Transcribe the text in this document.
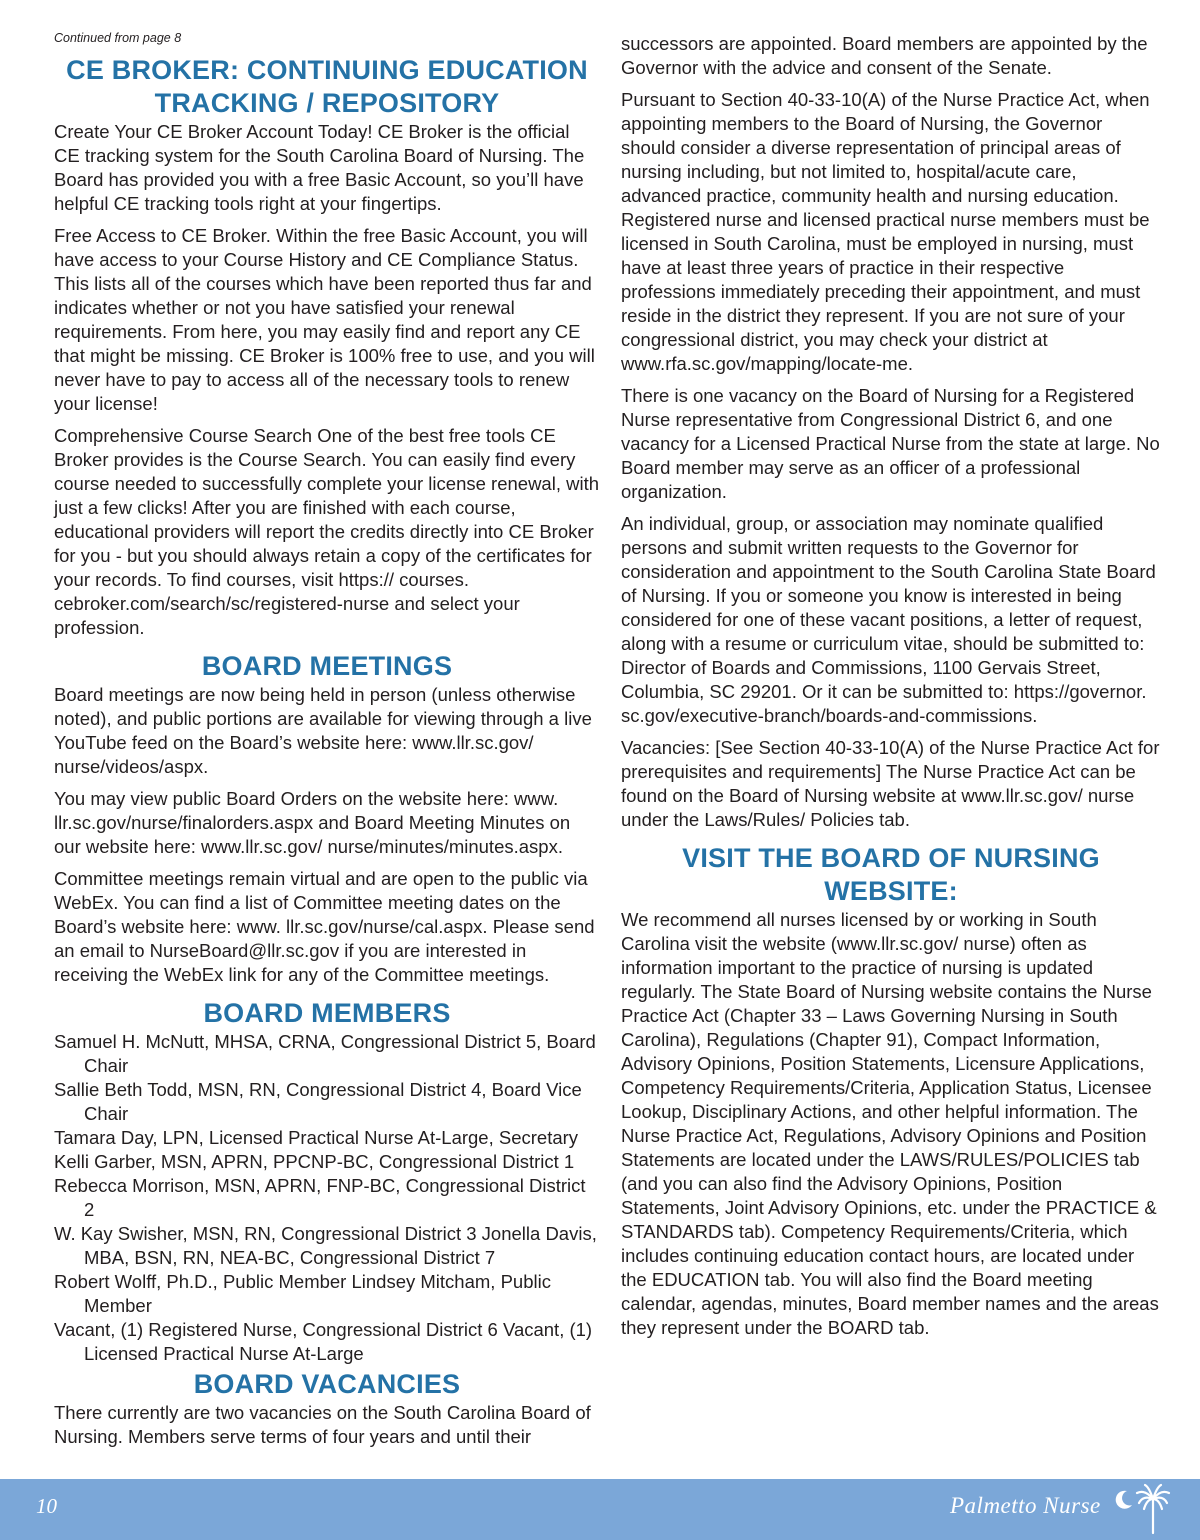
Continued from page 8

CE BROKER: CONTINUING EDUCATION TRACKING / REPOSITORY

Create Your CE Broker Account Today! CE Broker is the official CE tracking system for the South Carolina Board of Nursing. The Board has provided you with a free Basic Account, so you’ll have helpful CE tracking tools right at your fingertips.

Free Access to CE Broker. Within the free Basic Account, you will have access to your Course History and CE Compliance Status. This lists all of the courses which have been reported thus far and indicates whether or not you have satisfied your renewal requirements. From here, you may easily find and report any CE that might be missing. CE Broker is 100% free to use, and you will never have to pay to access all of the necessary tools to renew your license!

Comprehensive Course Search One of the best free tools CE Broker provides is the Course Search. You can easily find every course needed to successfully complete your license renewal, with just a few clicks! After you are finished with each course, educational providers will report the credits directly into CE Broker for you - but you should always retain a copy of the certificates for your records. To find courses, visit https:// courses. cebroker.com/search/sc/registered-nurse and select your profession.

BOARD MEETINGS

Board meetings are now being held in person (unless otherwise noted), and public portions are available for viewing through a live YouTube feed on the Board’s website here: www.llr.sc.gov/ nurse/videos/aspx.

You may view public Board Orders on the website here: www. llr.sc.gov/nurse/finalorders.aspx and Board Meeting Minutes on our website here: www.llr.sc.gov/ nurse/minutes/minutes.aspx.

Committee meetings remain virtual and are open to the public via WebEx. You can find a list of Committee meeting dates on the Board’s website here: www. llr.sc.gov/nurse/cal.aspx. Please send an email to NurseBoard@llr.sc.gov if you are interested in receiving the WebEx link for any of the Committee meetings.

BOARD MEMBERS
Samuel H. McNutt, MHSA, CRNA, Congressional District 5, Board Chair
Sallie Beth Todd, MSN, RN, Congressional District 4, Board Vice Chair
Tamara Day, LPN, Licensed Practical Nurse At-Large, Secretary
Kelli Garber, MSN, APRN, PPCNP-BC, Congressional District 1
Rebecca Morrison, MSN, APRN, FNP-BC, Congressional District 2
W. Kay Swisher, MSN, RN, Congressional District 3 Jonella Davis, MBA, BSN, RN, NEA-BC, Congressional District 7
Robert Wolff, Ph.D., Public Member Lindsey Mitcham, Public Member
Vacant, (1) Registered Nurse, Congressional District 6 Vacant, (1) Licensed Practical Nurse At-Large
BOARD VACANCIES

There currently are two vacancies on the South Carolina Board of Nursing. Members serve terms of four years and until their

successors are appointed. Board members are appointed by the Governor with the advice and consent of the Senate.

Pursuant to Section 40-33-10(A) of the Nurse Practice Act, when appointing members to the Board of Nursing, the Governor should consider a diverse representation of principal areas of nursing including, but not limited to, hospital/acute care, advanced practice, community health and nursing education. Registered nurse and licensed practical nurse members must be licensed in South Carolina, must be employed in nursing, must have at least three years of practice in their respective professions immediately preceding their appointment, and must reside in the district they represent. If you are not sure of your congressional district, you may check your district at www.rfa.sc.gov/mapping/locate-me.

There is one vacancy on the Board of Nursing for a Registered Nurse representative from Congressional District 6, and one vacancy for a Licensed Practical Nurse from the state at large. No Board member may serve as an officer of a professional organization.

An individual, group, or association may nominate qualified persons and submit written requests to the Governor for consideration and appointment to the South Carolina State Board of Nursing. If you or someone you know is interested in being considered for one of these vacant positions, a letter of request, along with a resume or curriculum vitae, should be submitted to: Director of Boards and Commissions, 1100 Gervais Street, Columbia, SC 29201. Or it can be submitted to: https://governor. sc.gov/executive-branch/boards-and-commissions.

Vacancies: [See Section 40-33-10(A) of the Nurse Practice Act for prerequisites and requirements] The Nurse Practice Act can be found on the Board of Nursing website at www.llr.sc.gov/ nurse under the Laws/Rules/ Policies tab.

VISIT THE BOARD OF NURSING WEBSITE:

We recommend all nurses licensed by or working in South Carolina visit the website (www.llr.sc.gov/ nurse) often as information important to the practice of nursing is updated regularly. The State Board of Nursing website contains the Nurse Practice Act (Chapter 33 – Laws Governing Nursing in South Carolina), Regulations (Chapter 91), Compact Information, Advisory Opinions, Position Statements, Licensure Applications, Competency Requirements/Criteria, Application Status, Licensee Lookup, Disciplinary Actions, and other helpful information. The Nurse Practice Act, Regulations, Advisory Opinions and Position Statements are located under the LAWS/RULES/POLICIES tab (and you can also find the Advisory Opinions, Position Statements, Joint Advisory Opinions, etc. under the PRACTICE & STANDARDS tab). Competency Requirements/Criteria, which includes continuing education contact hours, are located under the EDUCATION tab. You will also find the Board meeting calendar, agendas, minutes, Board member names and the areas they represent under the BOARD tab.

10	Palmetto Nurse
